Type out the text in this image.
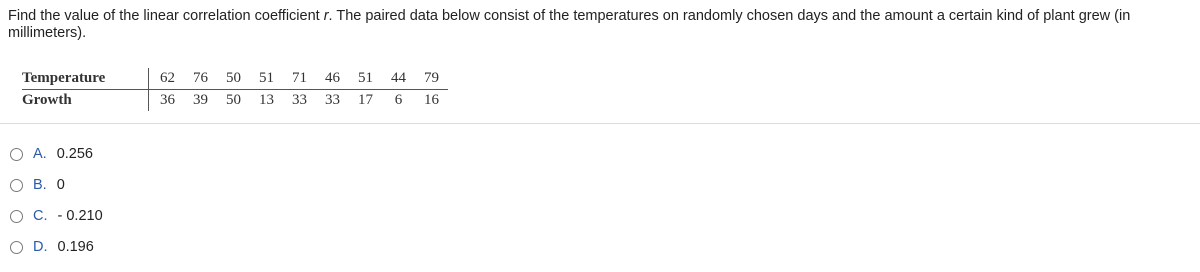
Find the value of the linear correlation coefficient r. The paired data below consist of the temperatures on randomly chosen days and the amount a certain kind of plant grew (in millimeters).
Temperature	62	76	50	51	71	46	51	44	79
Growth	36	39	50	13	33	33	17	6	16
A. 0.256
B. 0
C. - 0.210
D. 0.196
